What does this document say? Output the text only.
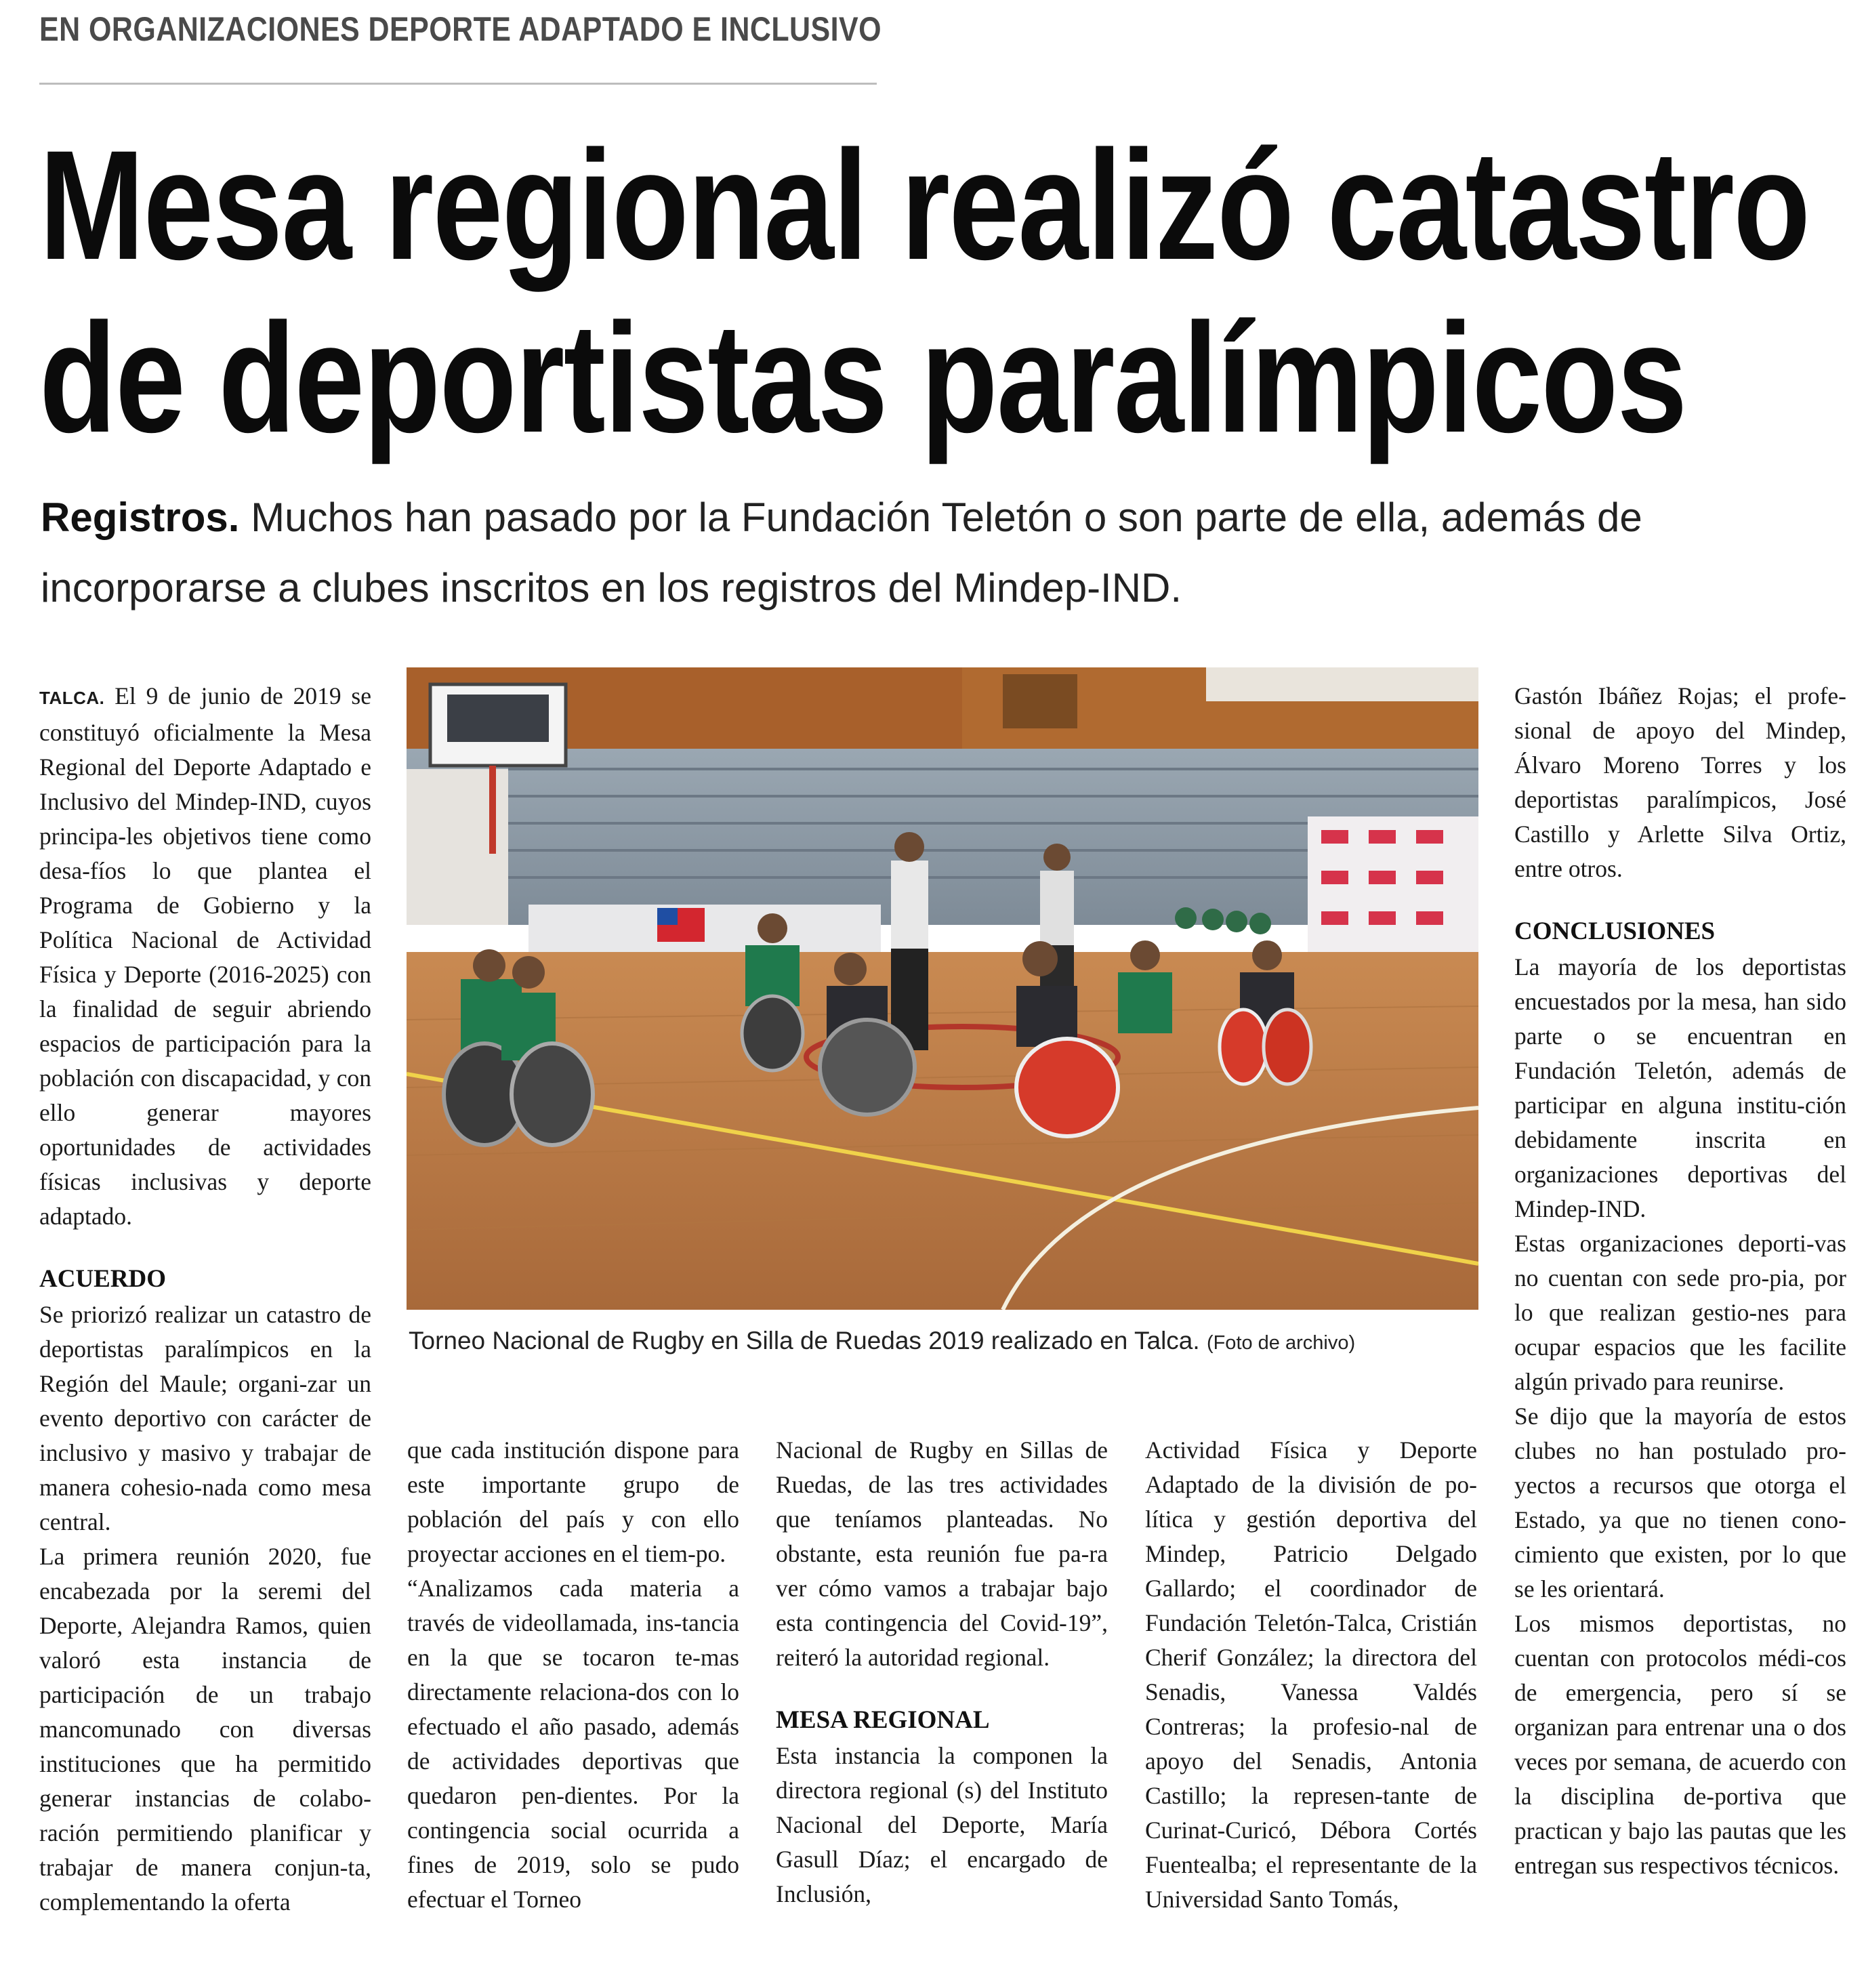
EN ORGANIZACIONES DEPORTE ADAPTADO E INCLUSIVO
Mesa regional realizó catastro
de deportistas paralímpicos
Registros. Muchos han pasado por la Fundación Teletón o son parte de ella, además de incorporarse a clubes inscritos en los registros del Mindep-IND.

TALCA. El 9 de junio de 2019 se constituyó oficialmente la Mesa Regional del Deporte Adaptado e Inclusivo del Mindep-IND, cuyos principa-les objetivos tiene como desa-fíos lo que plantea el Programa de Gobierno y la Política Nacional de Actividad Física y Deporte (2016-2025) con la finalidad de seguir abriendo espacios de participación para la población con discapacidad, y con ello generar mayores oportunidades de actividades físicas inclusivas y deporte adaptado.

ACUERDO

Se priorizó realizar un catastro de deportistas paralímpicos en la Región del Maule; organi-zar un evento deportivo con carácter de inclusivo y masivo y trabajar de manera cohesio-nada como mesa central.

La primera reunión 2020, fue encabezada por la seremi del Deporte, Alejandra Ramos, quien valoró esta instancia de participación de un trabajo mancomunado con diversas instituciones que ha permitido generar instancias de colabo-ración permitiendo planificar y trabajar de manera conjun-ta, complementando la oferta

Torneo Nacional de Rugby en Silla de Ruedas 2019 realizado en Talca. (Foto de archivo)

que cada institución dispone para este importante grupo de población del país y con ello proyectar acciones en el tiem-po.

“Analizamos cada materia a través de videollamada, ins-tancia en la que se tocaron te-mas directamente relaciona-dos con lo efectuado el año pasado, además de actividades deportivas que quedaron pen-dientes. Por la contingencia social ocurrida a fines de 2019, solo se pudo efectuar el Torneo

Nacional de Rugby en Sillas de Ruedas, de las tres actividades que teníamos planteadas. No obstante, esta reunión fue pa-ra ver cómo vamos a trabajar bajo esta contingencia del Covid-19”, reiteró la autoridad regional.

MESA REGIONAL

Esta instancia la componen la directora regional (s) del Instituto Nacional del Deporte, María Gasull Díaz; el encargado de Inclusión,

Actividad Física y Deporte Adaptado de la división de po-lítica y gestión deportiva del Mindep, Patricio Delgado Gallardo; el coordinador de Fundación Teletón-Talca, Cristián Cherif González; la directora del Senadis, Vanessa Valdés Contreras; la profesio-nal de apoyo del Senadis, Antonia Castillo; la represen-tante de Curinat-Curicó, Débora Cortés Fuentealba; el representante de la Universidad Santo Tomás,

Gastón Ibáñez Rojas; el profe-sional de apoyo del Mindep, Álvaro Moreno Torres y los deportistas paralímpicos, José Castillo y Arlette Silva Ortiz, entre otros.

CONCLUSIONES

La mayoría de los deportistas encuestados por la mesa, han sido parte o se encuentran en Fundación Teletón, además de participar en alguna institu-ción debidamente inscrita en organizaciones deportivas del Mindep-IND.

Estas organizaciones deporti-vas no cuentan con sede pro-pia, por lo que realizan gestio-nes para ocupar espacios que les facilite algún privado para reunirse.

Se dijo que la mayoría de estos clubes no han postulado pro-yectos a recursos que otorga el Estado, ya que no tienen cono-cimiento que existen, por lo que se les orientará.

Los mismos deportistas, no cuentan con protocolos médi-cos de emergencia, pero sí se organizan para entrenar una o dos veces por semana, de acuerdo con la disciplina de-portiva que practican y bajo las pautas que les entregan sus respectivos técnicos.
